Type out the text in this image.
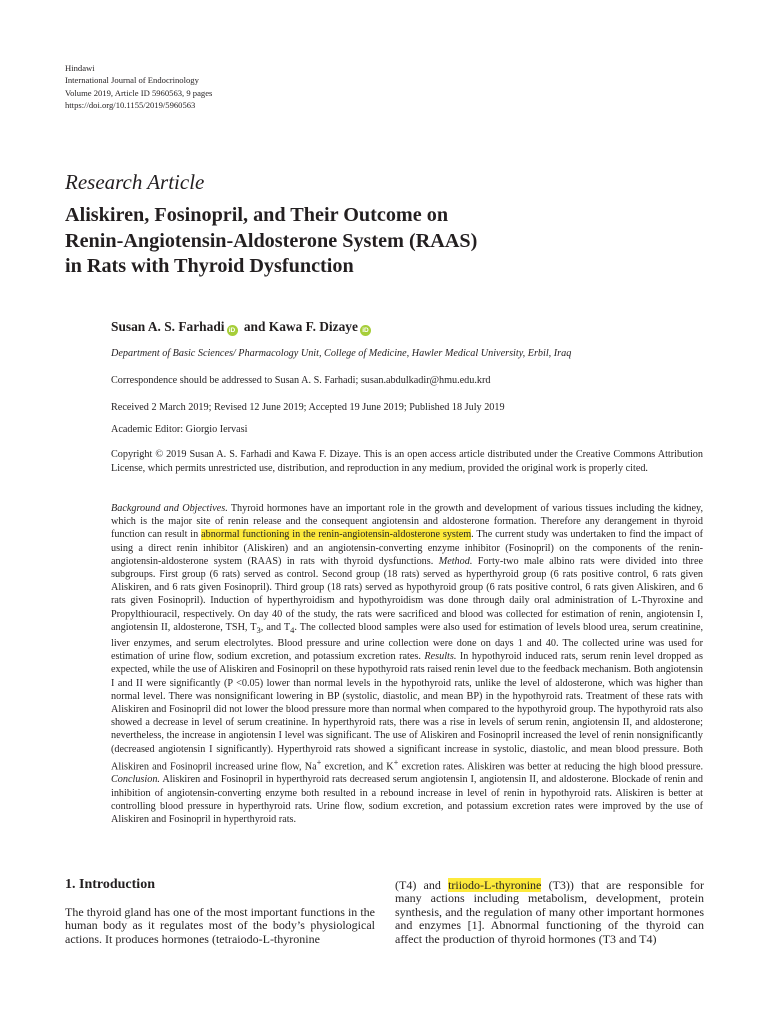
Hindawi
International Journal of Endocrinology
Volume 2019, Article ID 5960563, 9 pages
https://doi.org/10.1155/2019/5960563
Research Article
Aliskiren, Fosinopril, and Their Outcome on
Renin-Angiotensin-Aldosterone System (RAAS)
in Rats with Thyroid Dysfunction
Susan A. S. Farhadi iD and Kawa F. Dizaye iD
Department of Basic Sciences/ Pharmacology Unit, College of Medicine, Hawler Medical University, Erbil, Iraq
Correspondence should be addressed to Susan A. S. Farhadi; susan.abdulkadir@hmu.edu.krd
Received 2 March 2019; Revised 12 June 2019; Accepted 19 June 2019; Published 18 July 2019
Academic Editor: Giorgio Iervasi
Copyright © 2019 Susan A. S. Farhadi and Kawa F. Dizaye. This is an open access article distributed under the Creative Commons Attribution License, which permits unrestricted use, distribution, and reproduction in any medium, provided the original work is properly cited.
Background and Objectives. Thyroid hormones have an important role in the growth and development of various tissues including the kidney, which is the major site of renin release and the consequent angiotensin and aldosterone formation. Therefore any derangement in thyroid function can result in abnormal functioning in the renin-angiotensin-aldosterone system. The current study was undertaken to find the impact of using a direct renin inhibitor (Aliskiren) and an angiotensin-converting enzyme inhibitor (Fosinopril) on the components of the renin-angiotensin-aldosterone system (RAAS) in rats with thyroid dysfunctions. Method. Forty-two male albino rats were divided into three subgroups. First group (6 rats) served as control. Second group (18 rats) served as hyperthyroid group (6 rats positive control, 6 rats given Aliskiren, and 6 rats given Fosinopril). Third group (18 rats) served as hypothyroid group (6 rats positive control, 6 rats given Aliskiren, and 6 rats given Fosinopril). Induction of hyperthyroidism and hypothyroidism was done through daily oral administration of L-Thyroxine and Propylthiouracil, respectively. On day 40 of the study, the rats were sacrificed and blood was collected for estimation of renin, angiotensin I, angiotensin II, aldosterone, TSH, $T_3$, and $T_4$. The collected blood samples were also used for estimation of levels blood urea, serum creatinine, liver enzymes, and serum electrolytes. Blood pressure and urine collection were done on days 1 and 40. The collected urine was used for estimation of urine flow, sodium excretion, and potassium excretion rates. Results. In hypothyroid induced rats, serum renin level dropped as expected, while the use of Aliskiren and Fosinopril on these hypothyroid rats raised renin level due to the feedback mechanism. Both angiotensin I and II were significantly (P <0.05) lower than normal levels in the hypothyroid rats, unlike the level of aldosterone, which was higher than normal level. There was nonsignificant lowering in BP (systolic, diastolic, and mean BP) in the hypothyroid rats. Treatment of these rats with Aliskiren and Fosinopril did not lower the blood pressure more than normal when compared to the hypothyroid group. The hypothyroid rats also showed a decrease in level of serum creatinine. In hyperthyroid rats, there was a rise in levels of serum renin, angiotensin II, and aldosterone; nevertheless, the increase in angiotensin I level was significant. The use of Aliskiren and Fosinopril increased the level of renin nonsignificantly (decreased angiotensin I significantly). Hyperthyroid rats showed a significant increase in systolic, diastolic, and mean blood pressure. Both Aliskiren and Fosinopril increased urine flow, Na+ excretion, and K+ excretion rates. Aliskiren was better at reducing the high blood pressure. Conclusion. Aliskiren and Fosinopril in hyperthyroid rats decreased serum angiotensin I, angiotensin II, and aldosterone. Blockade of renin and inhibition of angiotensin-converting enzyme both resulted in a rebound increase in level of renin in hypothyroid rats. Aliskiren is better at controlling blood pressure in hyperthyroid rats. Urine flow, sodium excretion, and potassium excretion rates were improved by the use of Aliskiren and Fosinopril in hyperthyroid rats.
1. Introduction
The thyroid gland has one of the most important functions in the human body as it regulates most of the body’s physiological actions. It produces hormones (tetraiodo-L-thyronine
(T4) and triiodo-L-thyronine (T3)) that are responsible for many actions including metabolism, development, protein synthesis, and the regulation of many other important hormones and enzymes [1]. Abnormal functioning of the thyroid can affect the production of thyroid hormones (T3 and T4)
